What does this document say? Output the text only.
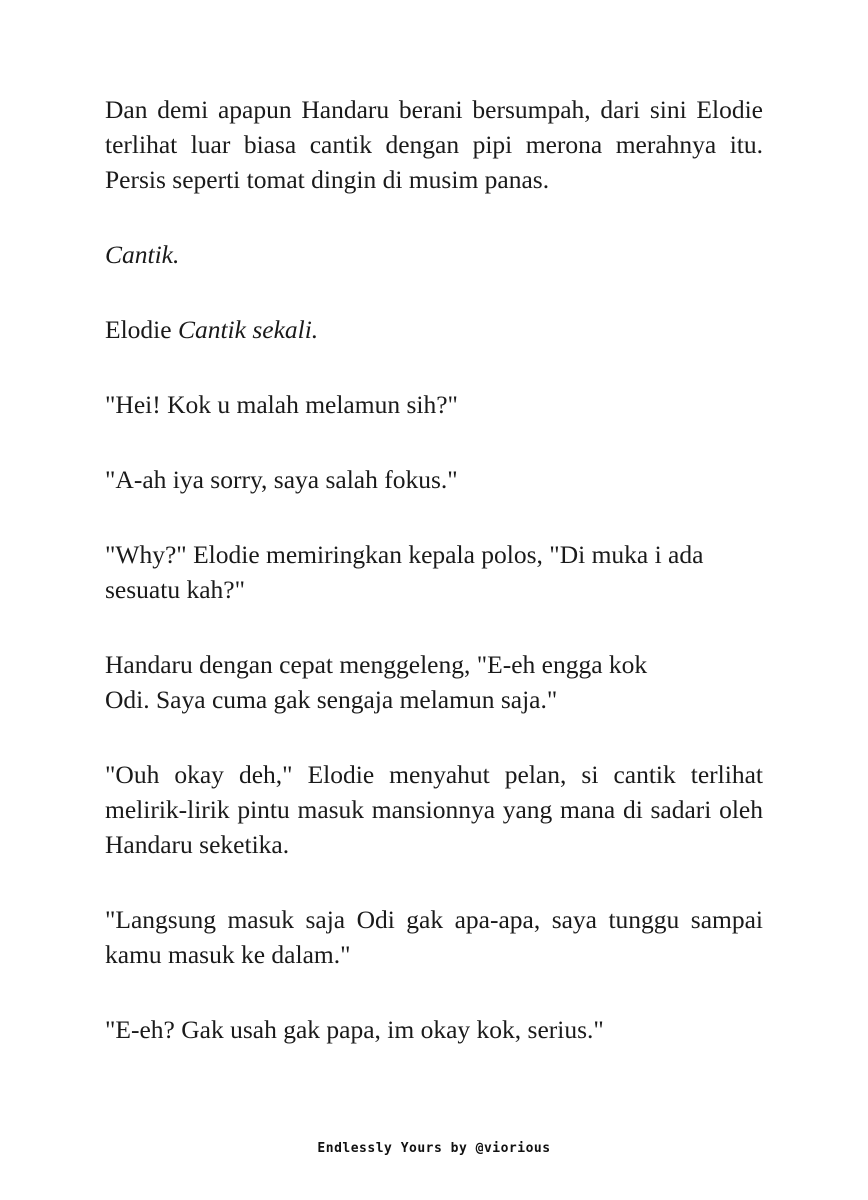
Dan demi apapun Handaru berani bersumpah, dari sini Elodie terlihat luar biasa cantik dengan pipi merona merahnya itu. Persis seperti tomat dingin di musim panas.

Cantik.

Elodie Cantik sekali.

"Hei! Kok u malah melamun sih?"

"A-ah iya sorry, saya salah fokus."

"Why?" Elodie memiringkan kepala polos, "Di muka i ada
sesuatu kah?"

Handaru dengan cepat menggeleng, "E-eh engga kok
Odi. Saya cuma gak sengaja melamun saja."

"Ouh okay deh," Elodie menyahut pelan, si cantik terlihat melirik-lirik pintu masuk mansionnya yang mana di sadari oleh Handaru seketika.

"Langsung masuk saja Odi gak apa-apa, saya tunggu sampai kamu masuk ke dalam."

"E-eh? Gak usah gak papa, im okay kok, serius."

Endlessly Yours by @viorious
